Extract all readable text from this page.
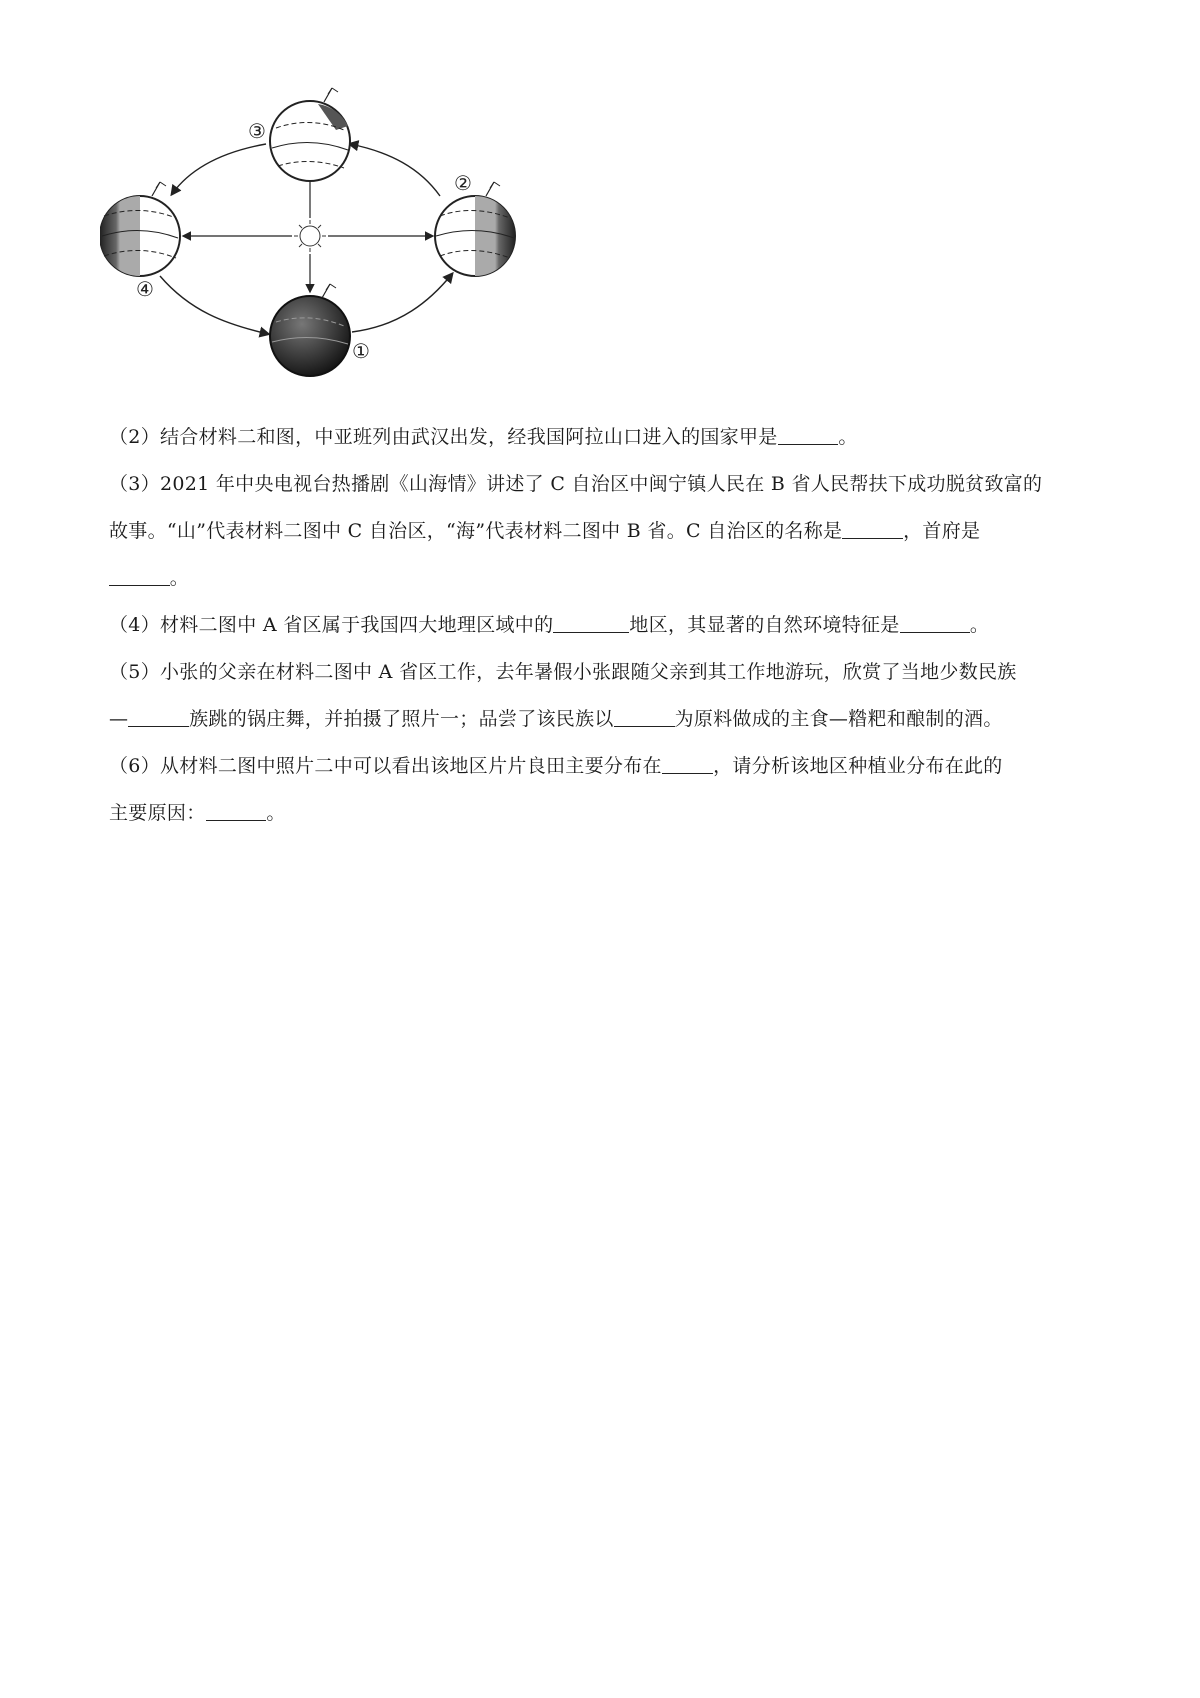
③
②
④
①
（2）结合材料二和图，中亚班列由武汉出发，经我国阿拉山口进入的国家甲是	。
（3）2021 年中央电视台热播剧《山海情》讲述了 C 自治区中闽宁镇人民在 B 省人民帮扶下成功脱贫致富的
故事。“山”代表材料二图中 C 自治区，“海”代表材料二图中 B 省。C 自治区的名称是	，首府是
。
（4）材料二图中 A 省区属于我国四大地理区域中的	地区，其显著的自然环境特征是	。
（5）小张的父亲在材料二图中 A 省区工作，去年暑假小张跟随父亲到其工作地游玩，欣赏了当地少数民族
—	族跳的锅庄舞，并拍摄了照片一；品尝了该民族以	为原料做成的主食—糌粑和酿制的酒。
（6）从材料二图中照片二中可以看出该地区片片良田主要分布在	，请分析该地区种植业分布在此的
主要原因：	。
